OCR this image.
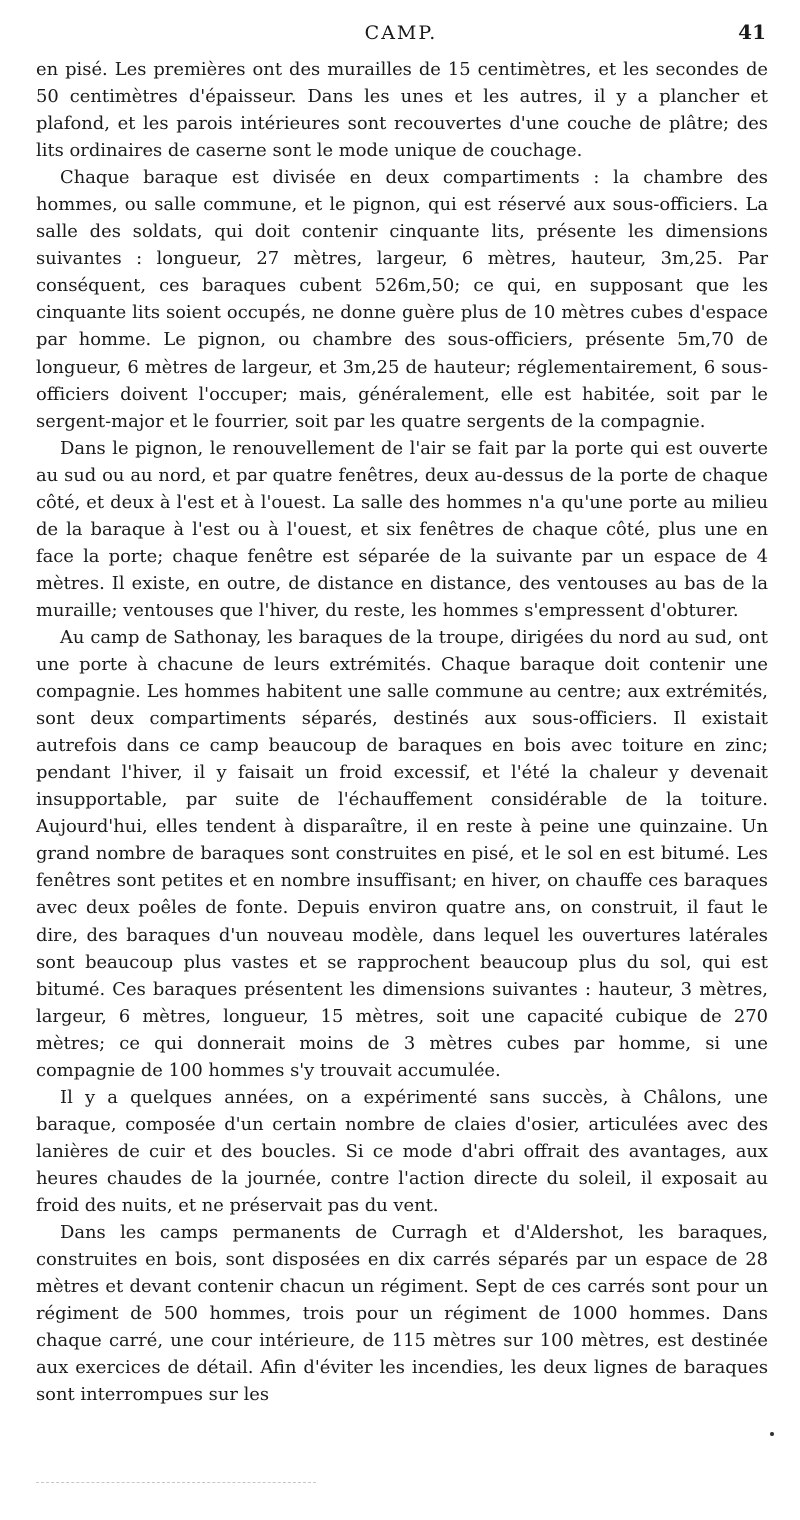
CAMP.	41

en pisé. Les premières ont des murailles de 15 centimètres, et les secondes de 50 centimètres d'épaisseur. Dans les unes et les autres, il y a plancher et plafond, et les parois intérieures sont recouvertes d'une couche de plâtre; des lits ordinaires de caserne sont le mode unique de couchage.

Chaque baraque est divisée en deux compartiments : la chambre des hommes, ou salle commune, et le pignon, qui est réservé aux sous-officiers. La salle des soldats, qui doit contenir cinquante lits, présente les dimensions suivantes : longueur, 27 mètres, largeur, 6 mètres, hauteur, 3m,25. Par conséquent, ces baraques cubent 526m,50; ce qui, en supposant que les cinquante lits soient occupés, ne donne guère plus de 10 mètres cubes d'espace par homme. Le pignon, ou chambre des sous-officiers, présente 5m,70 de longueur, 6 mètres de largeur, et 3m,25 de hauteur; réglementairement, 6 sous-officiers doivent l'occuper; mais, généralement, elle est habitée, soit par le sergent-major et le fourrier, soit par les quatre sergents de la compagnie.

Dans le pignon, le renouvellement de l'air se fait par la porte qui est ouverte au sud ou au nord, et par quatre fenêtres, deux au-dessus de la porte de chaque côté, et deux à l'est et à l'ouest. La salle des hommes n'a qu'une porte au milieu de la baraque à l'est ou à l'ouest, et six fenêtres de chaque côté, plus une en face la porte; chaque fenêtre est séparée de la suivante par un espace de 4 mètres. Il existe, en outre, de distance en distance, des ventouses au bas de la muraille; ventouses que l'hiver, du reste, les hommes s'empressent d'obturer.

Au camp de Sathonay, les baraques de la troupe, dirigées du nord au sud, ont une porte à chacune de leurs extrémités. Chaque baraque doit contenir une compagnie. Les hommes habitent une salle commune au centre; aux extrémités, sont deux compartiments séparés, destinés aux sous-officiers. Il existait autrefois dans ce camp beaucoup de baraques en bois avec toiture en zinc; pendant l'hiver, il y faisait un froid excessif, et l'été la chaleur y devenait insupportable, par suite de l'échauffement considérable de la toiture. Aujourd'hui, elles tendent à disparaître, il en reste à peine une quinzaine. Un grand nombre de baraques sont construites en pisé, et le sol en est bitumé. Les fenêtres sont petites et en nombre insuffisant; en hiver, on chauffe ces baraques avec deux poêles de fonte. Depuis environ quatre ans, on construit, il faut le dire, des baraques d'un nouveau modèle, dans lequel les ouvertures latérales sont beaucoup plus vastes et se rapprochent beaucoup plus du sol, qui est bitumé. Ces baraques présentent les dimensions suivantes : hauteur, 3 mètres, largeur, 6 mètres, longueur, 15 mètres, soit une capacité cubique de 270 mètres; ce qui donnerait moins de 3 mètres cubes par homme, si une compagnie de 100 hommes s'y trouvait accumulée.

Il y a quelques années, on a expérimenté sans succès, à Châlons, une baraque, composée d'un certain nombre de claies d'osier, articulées avec des lanières de cuir et des boucles. Si ce mode d'abri offrait des avantages, aux heures chaudes de la journée, contre l'action directe du soleil, il exposait au froid des nuits, et ne préservait pas du vent.

Dans les camps permanents de Curragh et d'Aldershot, les baraques, construites en bois, sont disposées en dix carrés séparés par un espace de 28 mètres et devant contenir chacun un régiment. Sept de ces carrés sont pour un régiment de 500 hommes, trois pour un régiment de 1000 hommes. Dans chaque carré, une cour intérieure, de 115 mètres sur 100 mètres, est destinée aux exercices de détail. Afin d'éviter les incendies, les deux lignes de baraques sont interrompues sur les
